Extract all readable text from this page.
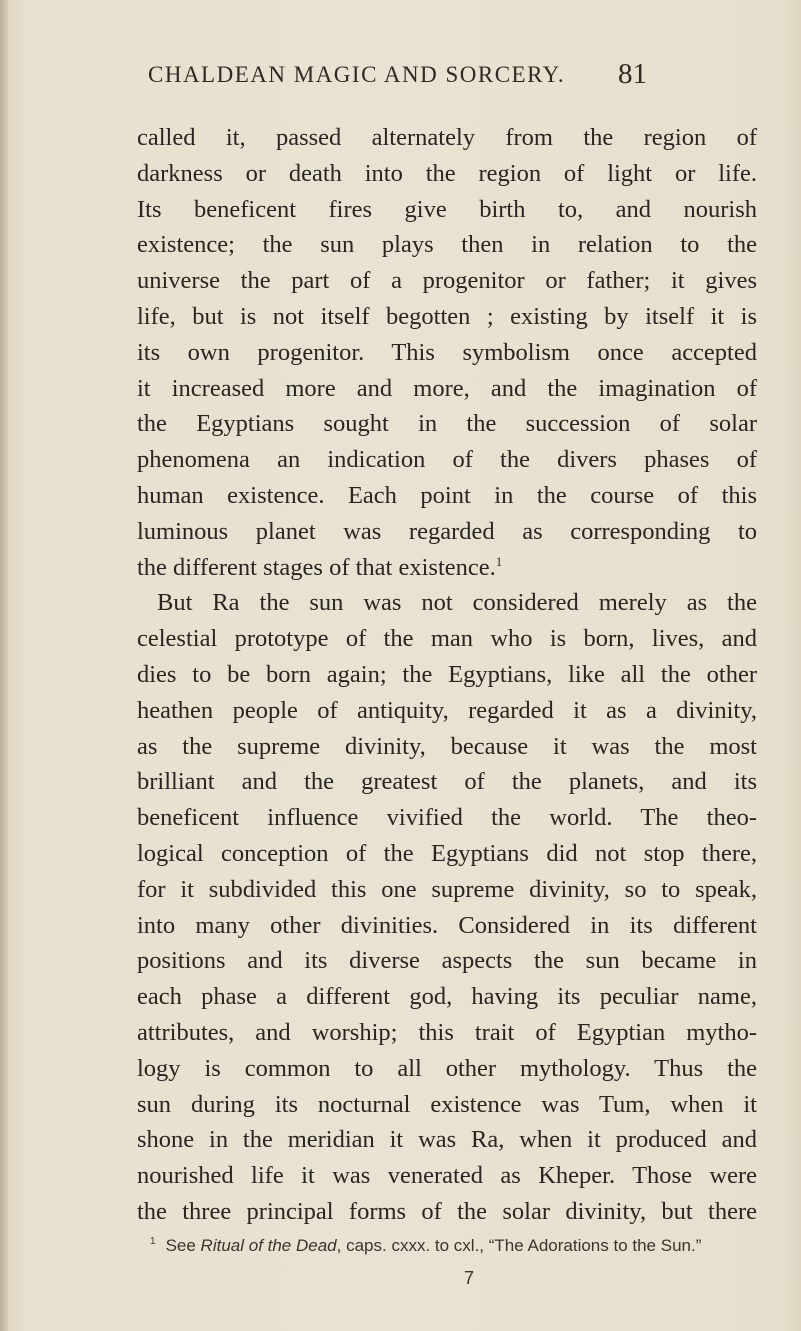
CHALDEAN MAGIC AND SORCERY. 81
called it, passed alternately from the region of
darkness or death into the region of light or life.
Its beneficent fires give birth to, and nourish
existence; the sun plays then in relation to the
universe the part of a progenitor or father; it gives
life, but is not itself begotten ; existing by itself it is
its own progenitor. This symbolism once accepted
it increased more and more, and the imagination of
the Egyptians sought in the succession of solar
phenomena an indication of the divers phases of
human existence. Each point in the course of this
luminous planet was regarded as corresponding to
the different stages of that existence.$^1$
But Ra the sun was not considered merely as the
celestial prototype of the man who is born, lives, and
dies to be born again; the Egyptians, like all the other
heathen people of antiquity, regarded it as a divinity,
as the supreme divinity, because it was the most
brilliant and the greatest of the planets, and its
beneficent influence vivified the world. The theo-
logical conception of the Egyptians did not stop there,
for it subdivided this one supreme divinity, so to speak,
into many other divinities. Considered in its different
positions and its diverse aspects the sun became in
each phase a different god, having its peculiar name,
attributes, and worship; this trait of Egyptian mytho-
logy is common to all other mythology. Thus the
sun during its nocturnal existence was Tum, when it
shone in the meridian it was Ra, when it produced and
nourished life it was venerated as Kheper. Those were
the three principal forms of the solar divinity, but there
$^1$ See Ritual of the Dead, caps. cxxx. to cxl., “The Adorations to the Sun.”
7
